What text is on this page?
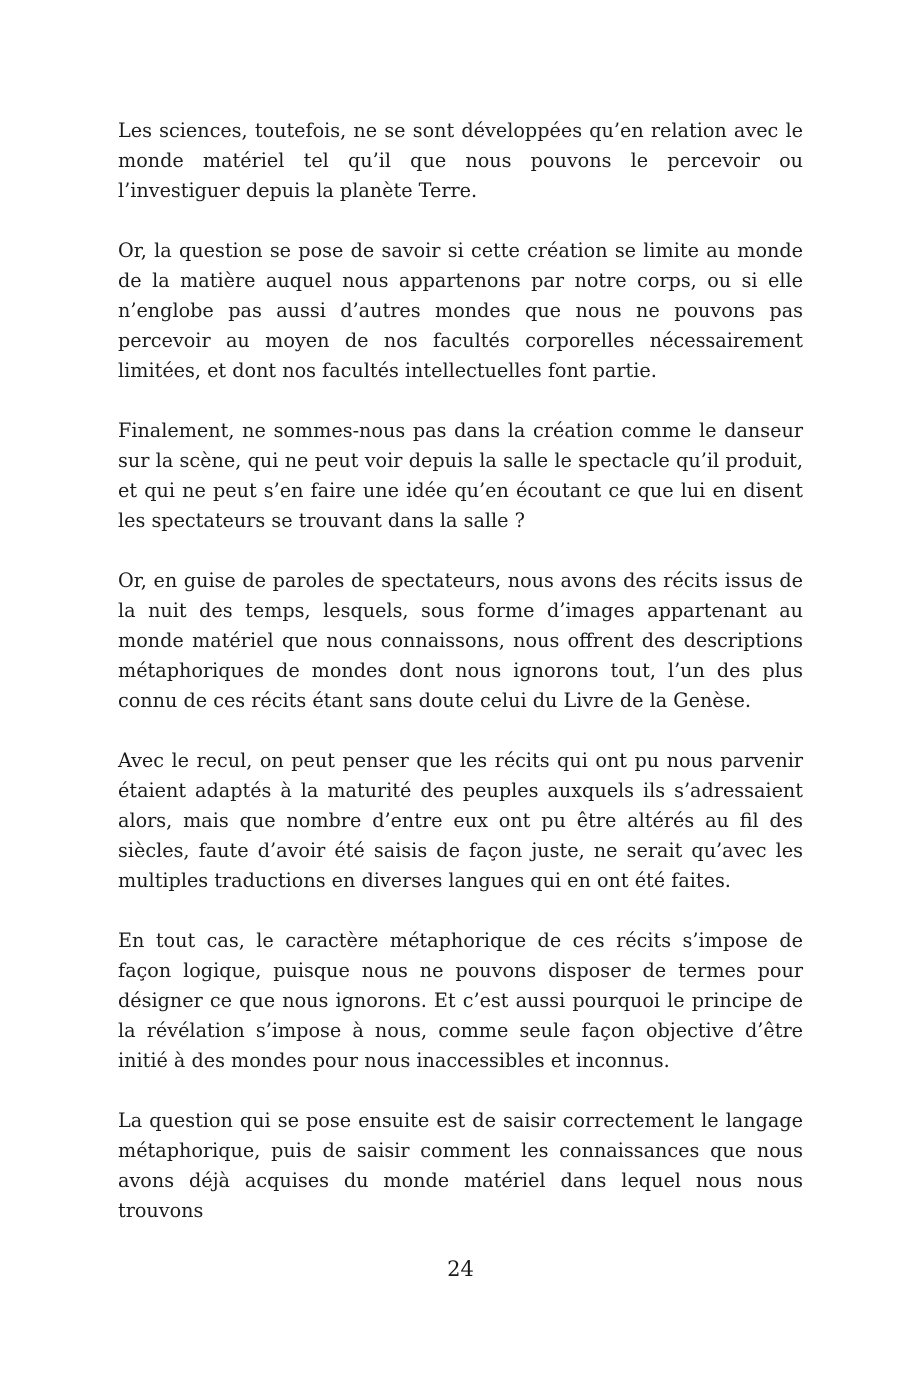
Les sciences, toutefois, ne se sont développées qu’en relation avec le monde matériel tel qu’il que nous pouvons le percevoir ou l’investiguer depuis la planète Terre.

Or, la question se pose de savoir si cette création se limite au monde de la matière auquel nous appartenons par notre corps, ou si elle n’englobe pas aussi d’autres mondes que nous ne pouvons pas percevoir au moyen de nos facultés corporelles nécessairement limitées, et dont nos facultés intellectuelles font partie.

Finalement, ne sommes-nous pas dans la création comme le danseur sur la scène, qui ne peut voir depuis la salle le spectacle qu’il produit, et qui ne peut s’en faire une idée qu’en écoutant ce que lui en disent les spectateurs se trouvant dans la salle ?

Or, en guise de paroles de spectateurs, nous avons des récits issus de la nuit des temps, lesquels, sous forme d’images appartenant au monde matériel que nous connaissons, nous offrent des descriptions métaphoriques de mondes dont nous ignorons tout, l’un des plus connu de ces récits étant sans doute celui du Livre de la Genèse.

Avec le recul, on peut penser que les récits qui ont pu nous parvenir étaient adaptés à la maturité des peuples auxquels ils s’adressaient alors, mais que nombre d’entre eux ont pu être altérés au fil des siècles, faute d’avoir été saisis de façon juste, ne serait qu’avec les multiples traductions en diverses langues qui en ont été faites.

En tout cas, le caractère métaphorique de ces récits s’impose de façon logique, puisque nous ne pouvons disposer de termes pour désigner ce que nous ignorons. Et c’est aussi pourquoi le principe de la révélation s’impose à nous, comme seule façon objective d’être initié à des mondes pour nous inaccessibles et inconnus.

La question qui se pose ensuite est de saisir correctement le langage métaphorique, puis de saisir comment les connaissances que nous avons déjà acquises du monde matériel dans lequel nous nous trouvons

24
